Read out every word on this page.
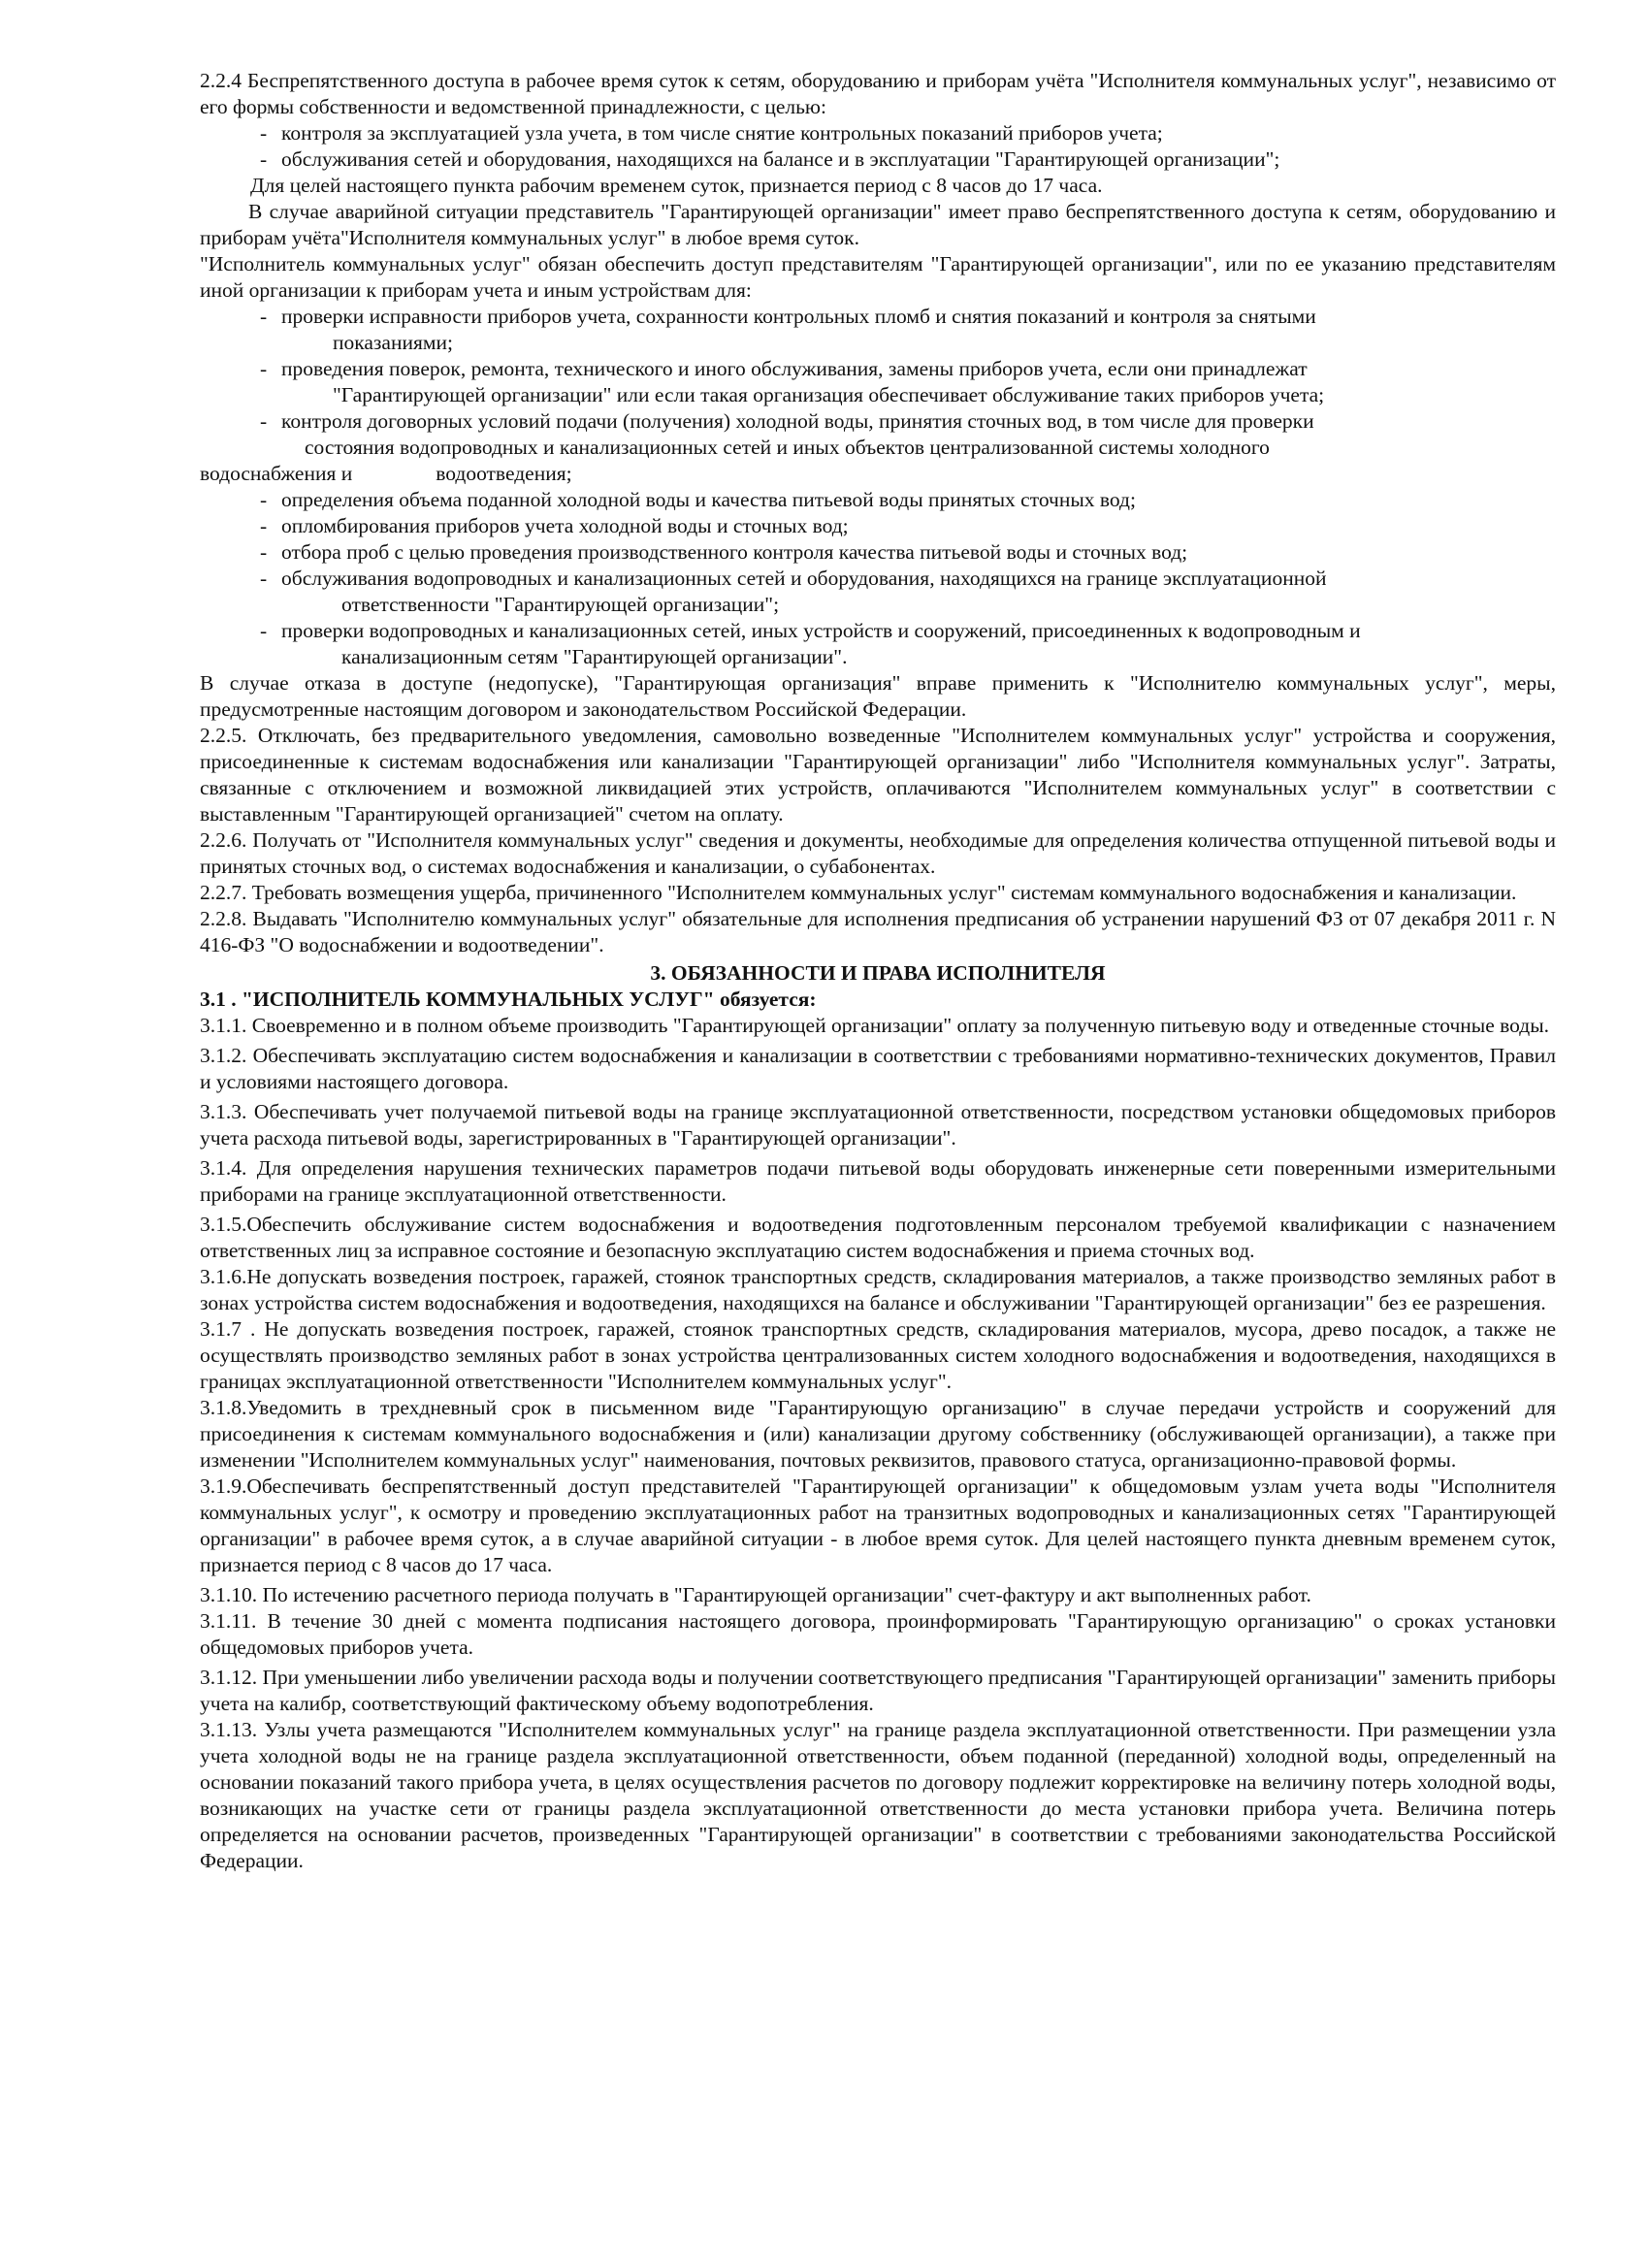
2.2.4 Беспрепятственного доступа в рабочее время суток к сетям, оборудованию и приборам учёта "Исполнителя коммунальных услуг", независимо от его формы собственности и ведомственной принадлежности, с целью:

- контроля за эксплуатацией узла учета, в том числе снятие контрольных показаний приборов учета;

- обслуживания сетей и оборудования, находящихся на балансе и в эксплуатации "Гарантирующей организации";

Для целей настоящего пункта рабочим временем суток, признается период с 8 часов до 17 часа.

В случае аварийной ситуации представитель "Гарантирующей организации" имеет право беспрепятственного доступа к сетям, оборудованию и приборам учёта"Исполнителя коммунальных услуг" в любое время суток.

"Исполнитель коммунальных услуг" обязан обеспечить доступ представителям "Гарантирующей организации", или по ее указанию представителям иной организации к приборам учета и иным устройствам для:

- проверки исправности приборов учета, сохранности контрольных пломб и снятия показаний и контроля за снятыми
показаниями;

- проведения поверок, ремонта, технического и иного обслуживания, замены приборов учета, если они принадлежат
"Гарантирующей организации" или если такая организация обеспечивает обслуживание таких приборов учета;

- контроля договорных условий подачи (получения) холодной воды, принятия сточных вод, в том числе для проверки
состояния водопроводных и канализационных сетей и иных объектов централизованной системы холодного

водоснабжения и                водоотведения;

- определения объема поданной холодной воды и качества питьевой воды принятых сточных вод;

- опломбирования приборов учета холодной воды и сточных вод;

- отбора проб с целью проведения производственного контроля качества питьевой воды и сточных вод;

- обслуживания водопроводных и канализационных сетей и оборудования, находящихся на границе эксплуатационной
ответственности "Гарантирующей организации";

- проверки водопроводных и канализационных сетей, иных устройств и сооружений, присоединенных к водопроводным и
канализационным сетям "Гарантирующей организации".

В случае отказа в доступе (недопуске), "Гарантирующая организация" вправе применить к "Исполнителю коммунальных услуг", меры, предусмотренные настоящим договором и законодательством Российской Федерации.

2.2.5. Отключать, без предварительного уведомления, самовольно возведенные "Исполнителем коммунальных услуг" устройства и сооружения, присоединенные к системам водоснабжения или канализации "Гарантирующей организации" либо "Исполнителя коммунальных услуг". Затраты, связанные с отключением и возможной ликвидацией этих устройств, оплачиваются "Исполнителем коммунальных услуг" в соответствии с выставленным "Гарантирующей организацией" счетом на оплату.

2.2.6. Получать от "Исполнителя коммунальных услуг" сведения и документы, необходимые для определения количества отпущенной питьевой воды и принятых сточных вод, о системах водоснабжения и канализации, о субабонентах.

2.2.7. Требовать возмещения ущерба, причиненного "Исполнителем коммунальных услуг" системам коммунального водоснабжения и канализации.

2.2.8. Выдавать "Исполнителю коммунальных услуг" обязательные для исполнения предписания об устранении нарушений ФЗ от 07 декабря 2011 г. N 416-ФЗ "О водоснабжении и водоотведении".

3. ОБЯЗАННОСТИ И ПРАВА ИСПОЛНИТЕЛЯ

3.1 . "ИСПОЛНИТЕЛЬ КОММУНАЛЬНЫХ УСЛУГ" обязуется:

3.1.1. Своевременно и в полном объеме производить "Гарантирующей организации" оплату за полученную питьевую воду и отведенные сточные воды.

3.1.2. Обеспечивать эксплуатацию систем водоснабжения и канализации в соответствии с требованиями нормативно-технических документов, Правил и условиями настоящего договора.

3.1.3. Обеспечивать учет получаемой питьевой воды на границе эксплуатационной ответственности, посредством установки общедомовых приборов учета расхода питьевой воды, зарегистрированных в "Гарантирующей организации".

3.1.4. Для определения нарушения технических параметров подачи питьевой воды оборудовать инженерные сети поверенными измерительными приборами на границе эксплуатационной ответственности.

3.1.5.Обеспечить обслуживание систем водоснабжения и водоотведения подготовленным персоналом требуемой квалификации с назначением ответственных лиц за исправное состояние и безопасную эксплуатацию систем водоснабжения и приема сточных вод.

3.1.6.Не допускать возведения построек, гаражей, стоянок транспортных средств, складирования материалов, а также производство земляных работ в зонах устройства систем водоснабжения и водоотведения, находящихся на балансе и обслуживании "Гарантирующей организации" без ее разрешения.

3.1.7 . Не допускать возведения построек, гаражей, стоянок транспортных средств, складирования материалов, мусора, древо посадок, а также не осуществлять производство земляных работ в зонах устройства централизованных систем холодного водоснабжения и водоотведения, находящихся в границах эксплуатационной ответственности "Исполнителем коммунальных услуг".

3.1.8.Уведомить в трехдневный срок в письменном виде "Гарантирующую организацию" в случае передачи устройств и сооружений для присоединения к системам коммунального водоснабжения и (или) канализации другому собственнику (обслуживающей организации), а также при изменении "Исполнителем коммунальных услуг" наименования, почтовых реквизитов, правового статуса, организационно-правовой формы.

3.1.9.Обеспечивать беспрепятственный доступ представителей "Гарантирующей организации" к общедомовым узлам учета воды "Исполнителя коммунальных услуг", к осмотру и проведению эксплуатационных работ на транзитных водопроводных и канализационных сетях "Гарантирующей организации" в рабочее время суток, а в случае аварийной ситуации - в любое время суток. Для целей настоящего пункта дневным временем суток, признается период с 8 часов до 17 часа.

3.1.10. По истечению расчетного периода получать в "Гарантирующей организации" счет-фактуру и акт выполненных работ.

3.1.11. В течение 30 дней с момента подписания настоящего договора, проинформировать "Гарантирующую организацию" о сроках установки общедомовых приборов учета.

3.1.12. При уменьшении либо увеличении расхода воды и получении соответствующего предписания "Гарантирующей организации" заменить приборы учета на калибр, соответствующий фактическому объему водопотребления.

3.1.13. Узлы учета размещаются "Исполнителем коммунальных услуг" на границе раздела эксплуатационной ответственности. При размещении узла учета холодной воды не на границе раздела эксплуатационной ответственности, объем поданной (переданной) холодной воды, определенный на основании показаний такого прибора учета, в целях осуществления расчетов по договору подлежит корректировке на величину потерь холодной воды, возникающих на участке сети от границы раздела эксплуатационной ответственности до места установки прибора учета. Величина потерь определяется на основании расчетов, произведенных "Гарантирующей организации" в соответствии с требованиями законодательства Российской Федерации.
